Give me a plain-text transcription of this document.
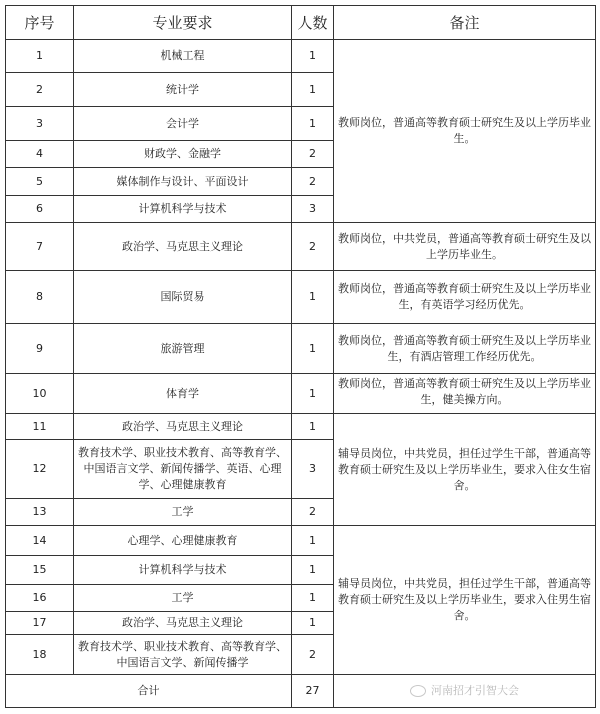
序号	专业要求	人数	备注
1	机械工程	1	教师岗位，普通高等教育硕士研究生及以上学历毕业生。
2	统计学	1	
3	会计学	1	
4	财政学、金融学	2	
5	媒体制作与设计、平面设计	2	
6	计算机科学与技术	3	
7	政治学、马克思主义理论	2	教师岗位，中共党员，普通高等教育硕士研究生及以上学历毕业生。
8	国际贸易	1	教师岗位，普通高等教育硕士研究生及以上学历毕业生，有英语学习经历优先。
9	旅游管理	1	教师岗位，普通高等教育硕士研究生及以上学历毕业生，有酒店管理工作经历优先。
10	体育学	1	教师岗位，普通高等教育硕士研究生及以上学历毕业生，健美操方向。
11	政治学、马克思主义理论	1	辅导员岗位，中共党员，担任过学生干部，普通高等教育硕士研究生及以上学历毕业生，要求入住女生宿舍。
12	教育技术学、职业技术教育、高等教育学、中国语言文学、新闻传播学、英语、心理学、心理健康教育	3	
13	工学	2	
14	心理学、心理健康教育	1	辅导员岗位，中共党员，担任过学生干部，普通高等教育硕士研究生及以上学历毕业生，要求入住男生宿舍。
15	计算机科学与技术	1	
16	工学	1	
17	政治学、马克思主义理论	1	
18	教育技术学、职业技术教育、高等教育学、中国语言文学、新闻传播学	2	
合计		27	河南招才引智大会
